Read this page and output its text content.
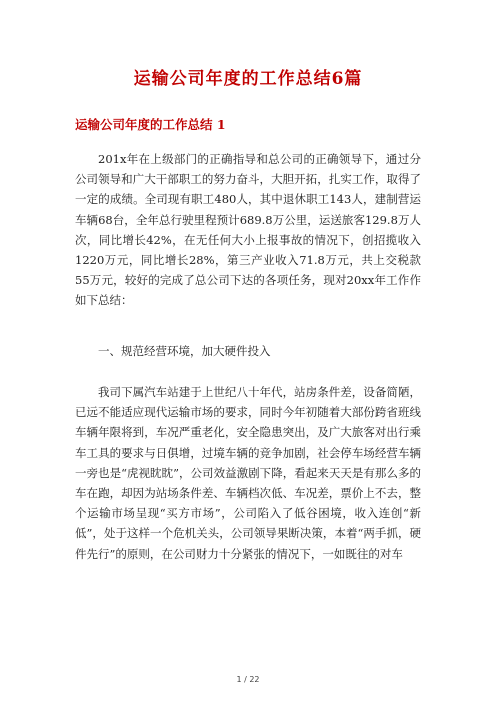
运输公司年度的工作总结6篇
运输公司年度的工作总结 1

201x年在上级部门的正确指导和总公司的正确领导下，通过分公司领导和广大干部职工的努力奋斗，大胆开拓，扎实工作，取得了一定的成绩。全司现有职工480人，其中退休职工143人，建制营运车辆68台，全年总行驶里程预计689.8万公里，运送旅客129.8万人次，同比增长42%，在无任何大小上报事故的情况下，创招揽收入1220万元，同比增长28%，第三产业收入71.8万元，共上交税款55万元，较好的完成了总公司下达的各项任务，现对20xx年工作作如下总结：

一、规范经营环境，加大硬件投入

我司下属汽车站建于上世纪八十年代，站房条件差，设备简陋，已远不能适应现代运输市场的要求，同时今年初随着大部份跨省班线车辆年限将到，车况严重老化，安全隐患突出，及广大旅客对出行乘车工具的要求与日俱增，过境车辆的竞争加剧，社会停车场经营车辆一旁也是“虎视眈眈”，公司效益激剧下降，看起来天天是有那么多的车在跑，却因为站场条件差、车辆档次低、车况差，票价上不去，整个运输市场呈现“买方市场”，公司陷入了低谷困境，收入连创“新低”，处于这样一个危机关头，公司领导果断决策，本着“两手抓，硬件先行”的原则，在公司财力十分紧张的情况下，一如既往的对车

1 / 22
